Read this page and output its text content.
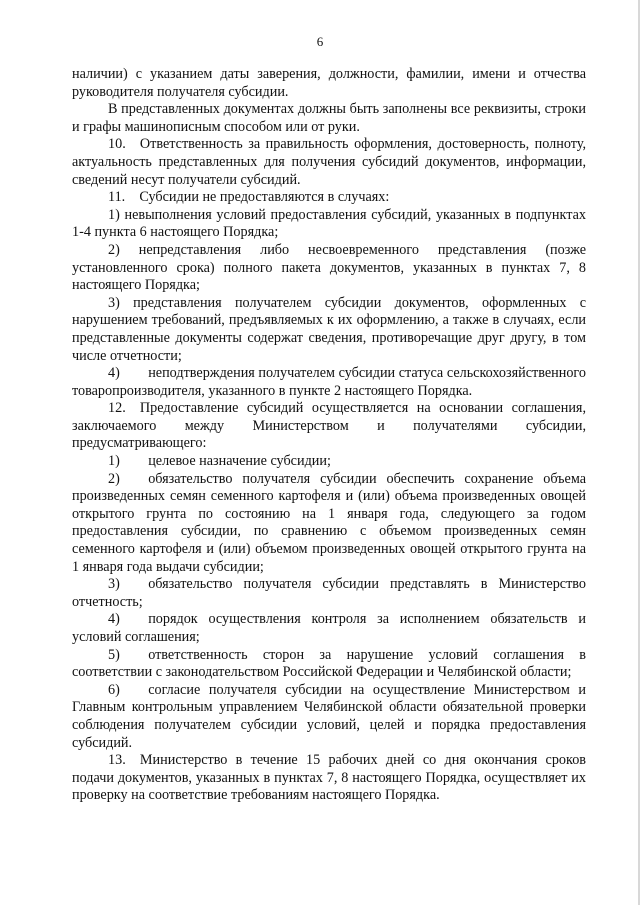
6

наличии) с указанием даты заверения, должности, фамилии, имени и отчества руководителя получателя субсидии.

В представленных документах должны быть заполнены все реквизиты, строки и графы машинописным способом или от руки.

10. Ответственность за правильность оформления, достоверность, полноту, актуальность представленных для получения субсидий документов, информации, сведений несут получатели субсидий.

11. Субсидии не предоставляются в случаях:

1) невыполнения условий предоставления субсидий, указанных в подпунктах 1-4 пункта 6 настоящего Порядка;

2) непредставления либо несвоевременного представления (позже установленного срока) полного пакета документов, указанных в пунктах 7, 8 настоящего Порядка;

3) представления получателем субсидии документов, оформленных с нарушением требований, предъявляемых к их оформлению, а также в случаях, если представленные документы содержат сведения, противоречащие друг другу, в том числе отчетности;

4)  неподтверждения получателем субсидии статуса сельскохозяйственного товаропроизводителя, указанного в пункте 2 настоящего Порядка.

12. Предоставление субсидий осуществляется на основании соглашения, заключаемого между Министерством и получателями субсидии, предусматривающего:

1)  целевое назначение субсидии;

2)  обязательство получателя субсидии обеспечить сохранение объема произведенных семян семенного картофеля и (или) объема произведенных овощей открытого грунта по состоянию на 1 января года, следующего за годом предоставления субсидии, по сравнению с объемом произведенных семян семенного картофеля и (или) объемом произведенных овощей открытого грунта на 1 января года выдачи субсидии;

3)  обязательство получателя субсидии представлять в Министерство отчетность;

4)  порядок осуществления контроля за исполнением обязательств и условий соглашения;

5)  ответственность сторон за нарушение условий соглашения в соответствии с законодательством Российской Федерации и Челябинской области;

6)  согласие получателя субсидии на осуществление Министерством и Главным контрольным управлением Челябинской области обязательной проверки соблюдения получателем субсидии условий, целей и порядка предоставления субсидий.

13. Министерство в течение 15 рабочих дней со дня окончания сроков подачи документов, указанных в пунктах 7, 8 настоящего Порядка, осуществляет их проверку на соответствие требованиям настоящего Порядка.
